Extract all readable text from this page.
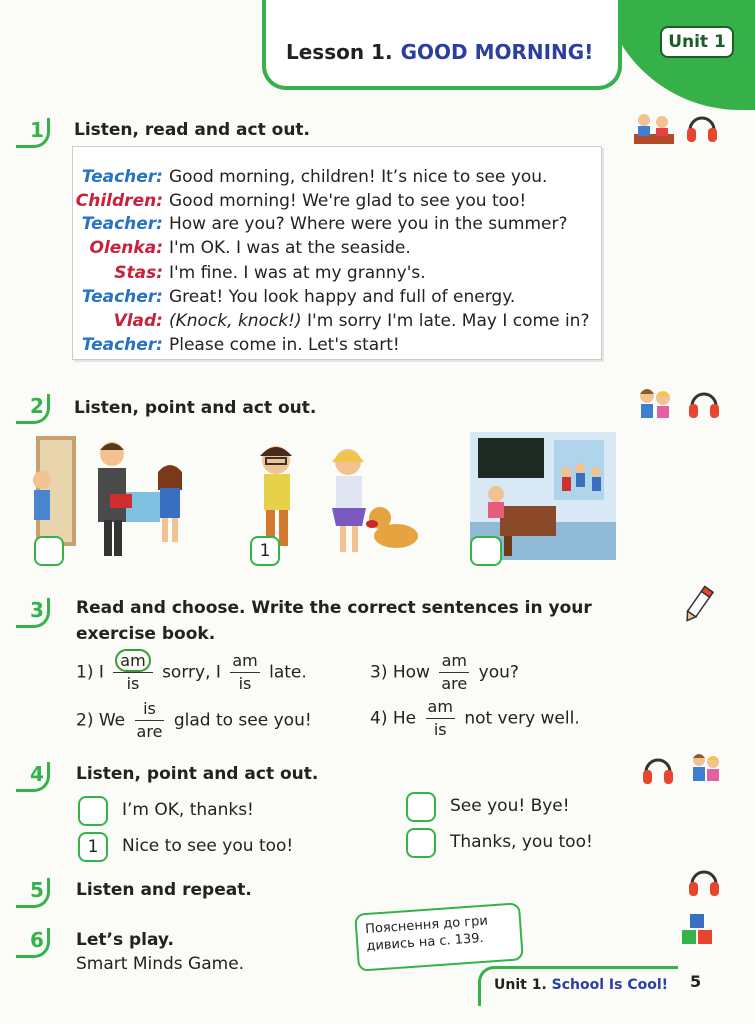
Lesson 1. GOOD MORNING!	Unit 1
1	Listen, read and act out.
Teacher: Good morning, children! It’s nice to see you.
Children: Good morning! We're glad to see you too!
Teacher: How are you? Where were you in the summer?
Olenka: I'm OK. I was at the seaside.
Stas: I'm fine. I was at my granny's.
Teacher: Great! You look happy and full of energy.
Vlad: (Knock, knock!) I'm sorry I'm late. May I come in?
Teacher: Please come in. Let's start!
2	Listen, point and act out.
1
3	Read and choose. Write the correct sentences in your
exercise book.
1) I $\frac{am}{is}$ sorry, I $\frac{am}{is}$ late.	3) How $\frac{am}{\text{are}}$ you?
2) We $\frac{is}{\text{are}}$ glad to see you!	4) He $\frac{am}{is}$ not very well.
4	Listen, point and act out.
I’m OK, thanks!
1	Nice to see you too!
See you! Bye!
Thanks, you too!
5	Listen and repeat.
6	Let’s play.
Smart Minds Game.
Пояснення до гри
дивись на с. 139.
Unit 1. School Is Cool! 5
